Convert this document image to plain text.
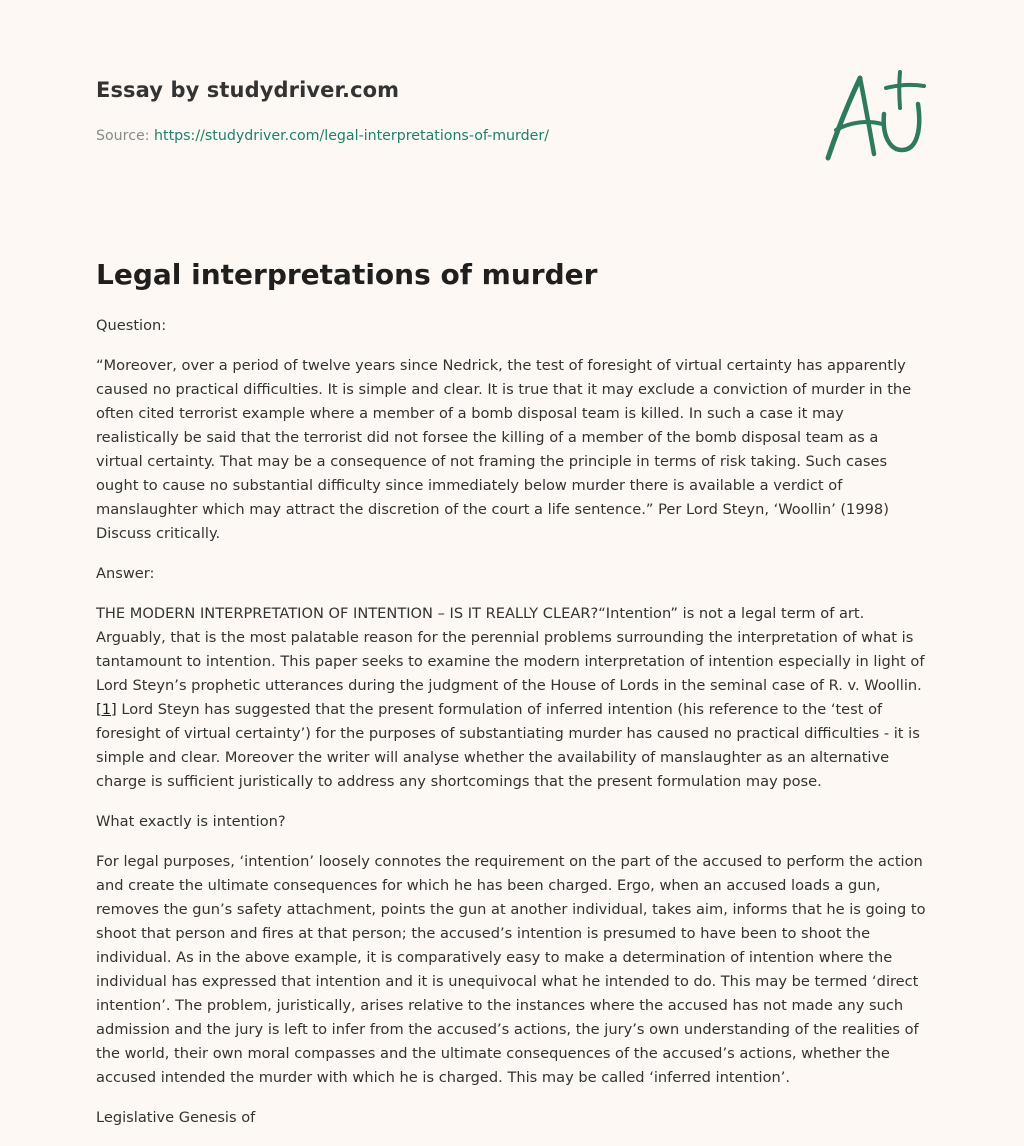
Essay by studydriver.com
Source: https://studydriver.com/legal-interpretations-of-murder/
Legal interpretations of murder

Question:

“Moreover, over a period of twelve years since Nedrick, the test of foresight of virtual certainty has apparently caused no practical difficulties. It is simple and clear. It is true that it may exclude a conviction of murder in the often cited terrorist example where a member of a bomb disposal team is killed. In such a case it may realistically be said that the terrorist did not forsee the killing of a member of the bomb disposal team as a virtual certainty. That may be a consequence of not framing the principle in terms of risk taking. Such cases ought to cause no substantial difficulty since immediately below murder there is available a verdict of manslaughter which may attract the discretion of the court a life sentence.” Per Lord Steyn, ‘Woollin’ (1998) Discuss critically.

Answer:

THE MODERN INTERPRETATION OF INTENTION – IS IT REALLY CLEAR?“Intention” is not a legal term of art. Arguably, that is the most palatable reason for the perennial problems surrounding the interpretation of what is tantamount to intention. This paper seeks to examine the modern interpretation of intention especially in light of Lord Steyn’s prophetic utterances during the judgment of the House of Lords in the seminal case of R. v. Woollin.[1] Lord Steyn has suggested that the present formulation of inferred intention (his reference to the ‘test of foresight of virtual certainty’) for the purposes of substantiating murder has caused no practical difficulties - it is simple and clear. Moreover the writer will analyse whether the availability of manslaughter as an alternative charge is sufficient juristically to address any shortcomings that the present formulation may pose.

What exactly is intention?

For legal purposes, ‘intention’ loosely connotes the requirement on the part of the accused to perform the action and create the ultimate consequences for which he has been charged. Ergo, when an accused loads a gun, removes the gun’s safety attachment, points the gun at another individual, takes aim, informs that he is going to shoot that person and fires at that person; the accused’s intention is presumed to have been to shoot the individual. As in the above example, it is comparatively easy to make a determination of intention where the individual has expressed that intention and it is unequivocal what he intended to do. This may be termed ‘direct intention’. The problem, juristically, arises relative to the instances where the accused has not made any such admission and the jury is left to infer from the accused’s actions, the jury’s own understanding of the realities of the world, their own moral compasses and the ultimate consequences of the accused’s actions, whether the accused intended the murder with which he is charged. This may be called ‘inferred intention’.

Legislative Genesis of
